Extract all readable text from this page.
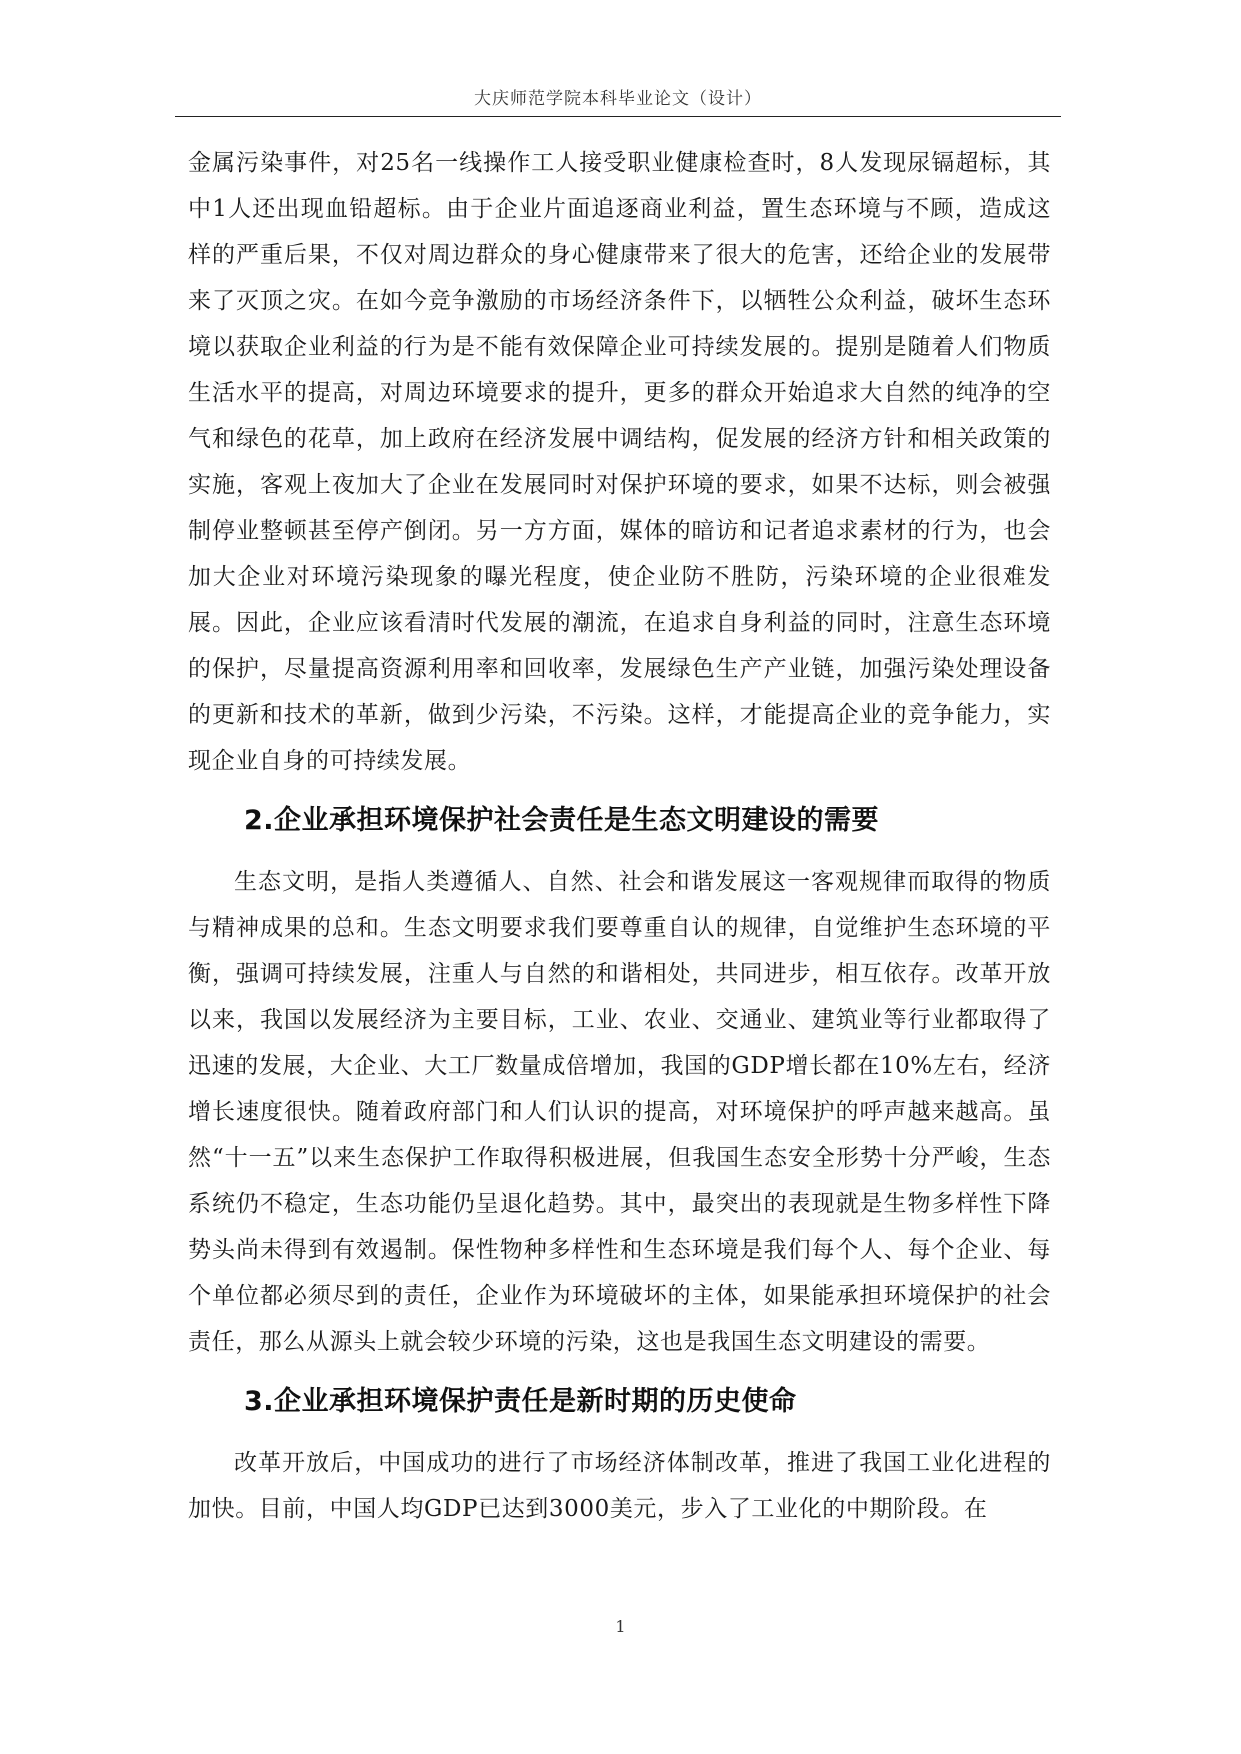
大庆师范学院本科毕业论文（设计）

金属污染事件，对25名一线操作工人接受职业健康检查时，8人发现尿镉超标，其中1人还出现血铅超标。由于企业片面追逐商业利益，置生态环境与不顾，造成这样的严重后果，不仅对周边群众的身心健康带来了很大的危害，还给企业的发展带来了灭顶之灾。在如今竞争激励的市场经济条件下，以牺牲公众利益，破坏生态环境以获取企业利益的行为是不能有效保障企业可持续发展的。提别是随着人们物质生活水平的提高，对周边环境要求的提升，更多的群众开始追求大自然的纯净的空气和绿色的花草，加上政府在经济发展中调结构，促发展的经济方针和相关政策的实施，客观上夜加大了企业在发展同时对保护环境的要求，如果不达标，则会被强制停业整顿甚至停产倒闭。另一方方面，媒体的暗访和记者追求素材的行为，也会加大企业对环境污染现象的曝光程度，使企业防不胜防，污染环境的企业很难发展。因此，企业应该看清时代发展的潮流，在追求自身利益的同时，注意生态环境的保护，尽量提高资源利用率和回收率，发展绿色生产产业链，加强污染处理设备的更新和技术的革新，做到少污染，不污染。这样，才能提高企业的竞争能力，实现企业自身的可持续发展。

2.企业承担环境保护社会责任是生态文明建设的需要

生态文明，是指人类遵循人、自然、社会和谐发展这一客观规律而取得的物质与精神成果的总和。生态文明要求我们要尊重自认的规律，自觉维护生态环境的平衡，强调可持续发展，注重人与自然的和谐相处，共同进步，相互依存。改革开放以来，我国以发展经济为主要目标，工业、农业、交通业、建筑业等行业都取得了迅速的发展，大企业、大工厂数量成倍增加，我国的GDP增长都在10%左右，经济增长速度很快。随着政府部门和人们认识的提高，对环境保护的呼声越来越高。虽然“十一五”以来生态保护工作取得积极进展，但我国生态安全形势十分严峻，生态系统仍不稳定，生态功能仍呈退化趋势。其中，最突出的表现就是生物多样性下降势头尚未得到有效遏制。保性物种多样性和生态环境是我们每个人、每个企业、每个单位都必须尽到的责任，企业作为环境破坏的主体，如果能承担环境保护的社会责任，那么从源头上就会较少环境的污染，这也是我国生态文明建设的需要。

3.企业承担环境保护责任是新时期的历史使命

改革开放后，中国成功的进行了市场经济体制改革，推进了我国工业化进程的加快。目前，中国人均GDP已达到3000美元，步入了工业化的中期阶段。在

1
